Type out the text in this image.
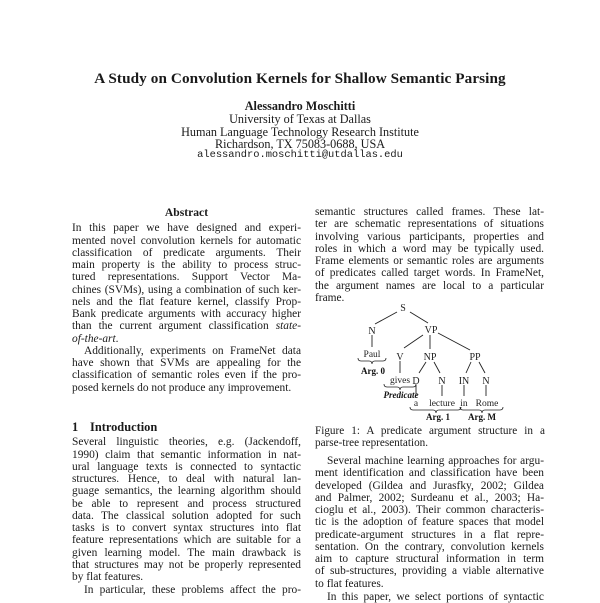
A Study on Convolution Kernels for Shallow Semantic Parsing
Alessandro Moschitti
University of Texas at Dallas
Human Language Technology Research Institute
Richardson, TX 75083-0688, USA
alessandro.moschitti@utdallas.edu
Abstract
In this paper we have designed and experi-
mented novel convolution kernels for automatic
classification of predicate arguments. Their
main property is the ability to process struc-
tured representations. Support Vector Ma-
chines (SVMs), using a combination of such ker-
nels and the flat feature kernel, classify Prop-
Bank predicate arguments with accuracy higher
than the current argument classification state-
of-the-art.
Additionally, experiments on FrameNet data
have shown that SVMs are appealing for the
classification of semantic roles even if the pro-
posed kernels do not produce any improvement.
1 Introduction
Several linguistic theories, e.g. (Jackendoff,
1990) claim that semantic information in nat-
ural language texts is connected to syntactic
structures. Hence, to deal with natural lan-
guage semantics, the learning algorithm should
be able to represent and process structured
data. The classical solution adopted for such
tasks is to convert syntax structures into flat
feature representations which are suitable for a
given learning model. The main drawback is
that structures may not be properly represented
by flat features.
In particular, these problems affect the pro-
semantic structures called frames. These lat-
ter are schematic representations of situations
involving various participants, properties and
roles in which a word may be typically used.
Frame elements or semantic roles are arguments
of predicates called target words. In FrameNet,
the argument names are local to a particular
frame.
S
N	VP
V NP	PP
D N IN N
Paul
gives
a lecture in Rome
Arg. 0
Predicate
Arg. 1 Arg. M
Figure 1: A predicate argument structure in a
parse-tree representation.
Several machine learning approaches for argu-
ment identification and classification have been
developed (Gildea and Jurasfky, 2002; Gildea
and Palmer, 2002; Surdeanu et al., 2003; Ha-
cioglu et al., 2003). Their common characteris-
tic is the adoption of feature spaces that model
predicate-argument structures in a flat repre-
sentation. On the contrary, convolution kernels
aim to capture structural information in term
of sub-structures, providing a viable alternative
to flat features.
In this paper, we select portions of syntactic
